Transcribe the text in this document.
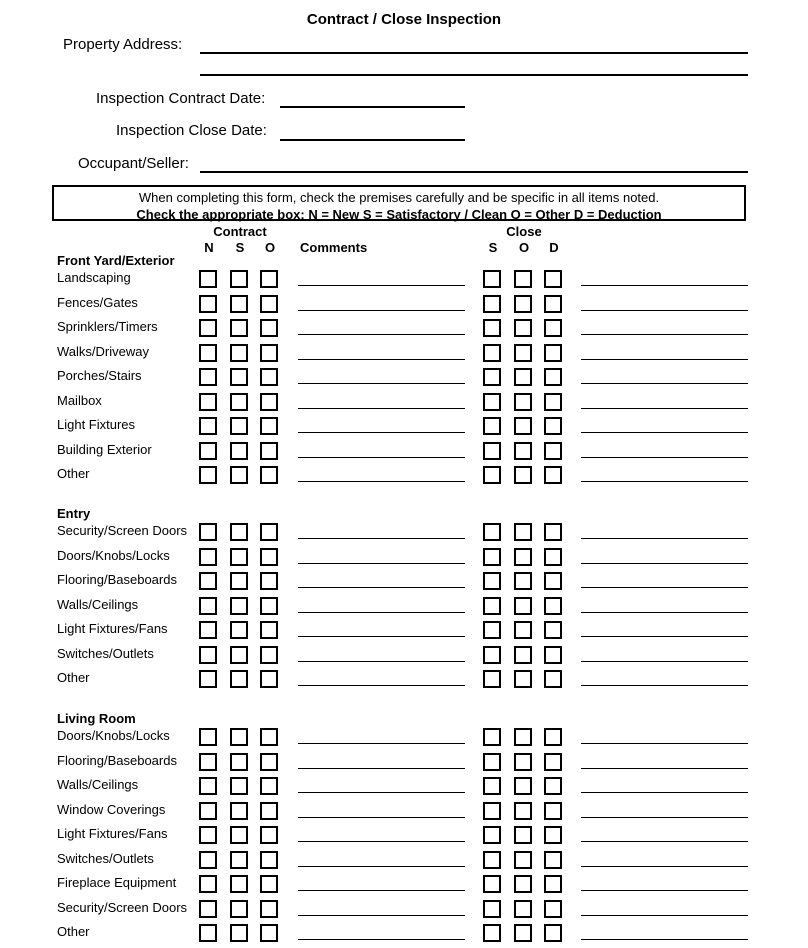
Contract / Close Inspection
Property Address:
Inspection Contract Date:
Inspection Close Date:
Occupant/Seller:
When completing this form, check the premises carefully and be specific in all items noted.
Check the appropriate box: N = New S = Satisfactory / Clean O = Other D = Deduction
Contract
N	S	O	Comments
Close
S	O	D
Front Yard/Exterior
Landscaping
Fences/Gates
Sprinklers/Timers
Walks/Driveway
Porches/Stairs
Mailbox
Light Fixtures
Building Exterior
Other
Entry
Security/Screen Doors
Doors/Knobs/Locks
Flooring/Baseboards
Walls/Ceilings
Light Fixtures/Fans
Switches/Outlets
Other
Living Room
Doors/Knobs/Locks
Flooring/Baseboards
Walls/Ceilings
Window Coverings
Light Fixtures/Fans
Switches/Outlets
Fireplace Equipment
Security/Screen Doors
Other
